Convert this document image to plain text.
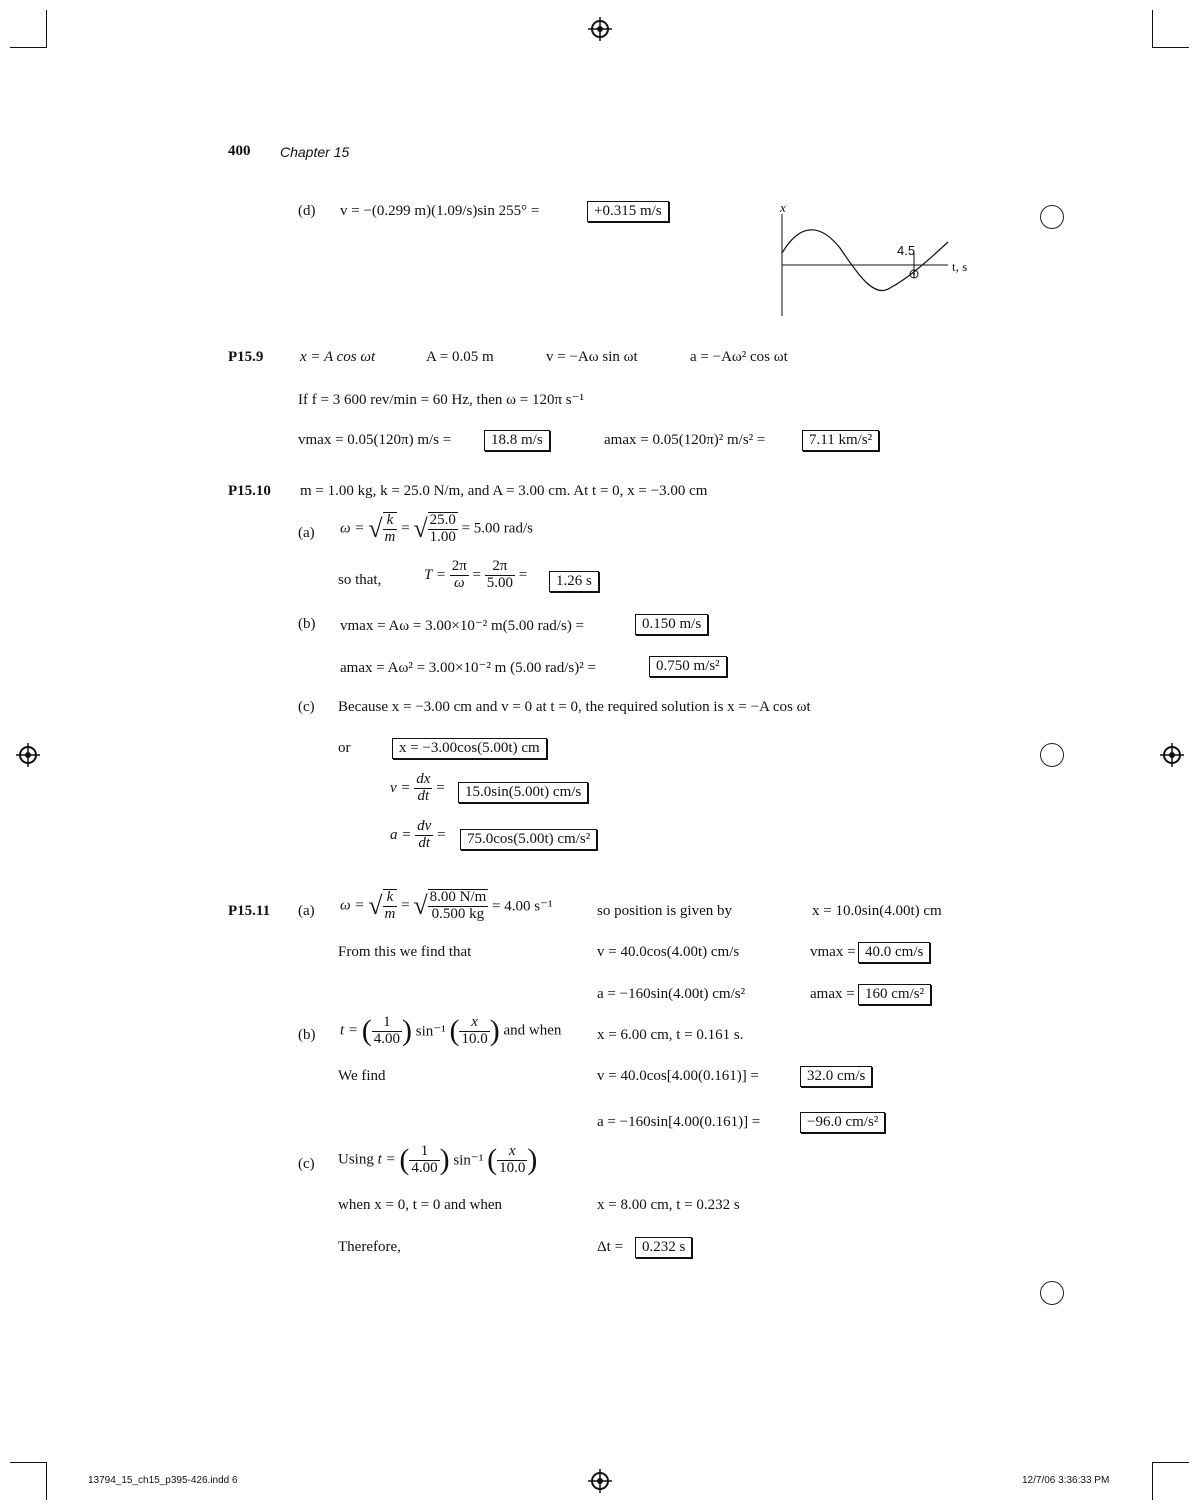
400 Chapter 15
(d) v = −(0.299 m)(1.09/s)sin 255° =	+0.315 m/s	x
4.5
t, s
P15.9 x = A cos ωt	A = 0.05 m	v = −Aω sin ωt	a = −Aω² cos ωt
If f = 3 600 rev/min = 60 Hz, then ω = 120π s⁻¹
vmax = 0.05(120π) m/s =	18.8 m/s	amax = 0.05(120π)² m/s² =	7.11 km/s²
P15.10 m = 1.00 kg, k = 25.0 N/m, and A = 3.00 cm. At t = 0, x = −3.00 cm
(a) ω = √ $\frac{k}{m}$ = √ $\frac{25.0}{1.00} = 5.00$ rad/s
so that,	$T = \frac{2\pi}{\omega} = \frac{2\pi}{5.00}$ =	1.26 s
(b) vmax = Aω = 3.00×10⁻² m(5.00 rad/s) =	0.150 m/s
amax = Aω² = 3.00×10⁻² m (5.00 rad/s)² =	0.750 m/s²
(c) Because x = −3.00 cm and v = 0 at t = 0, the required solution is x = −A cos ωt
or	x = −3.00cos(5.00t) cm
$v = \frac{dx}{dt}$ =	15.0sin(5.00t) cm/s
$a = \frac{dv}{dt}$ =	75.0cos(5.00t) cm/s²
P15.11 (a) ω = √ $\frac{k}{m}$ = √ $\frac{8.00 N/m}{0.500 kg} = 4.00$ s⁻¹	so position is given by	x = 10.0sin(4.00t) cm
From this we find that	v = 40.0cos(4.00t) cm/s	vmax = 40.0 cm/s
a = −160sin(4.00t) cm/s²	amax = 160 cm/s²
(b) t = ( $\frac{1}{4.00}$ ) sin⁻¹ ( $\frac{x}{10.0}$ ) and when x = 6.00 cm, t = 0.161 s.
We find	v = 40.0cos[4.00(0.161)] =	32.0 cm/s
a = −160sin[4.00(0.161)] =	−96.0 cm/s²
(c) Using t = ( $\frac{1}{4.00}$ ) sin⁻¹ ( $\frac{x}{10.0}$ )
when x = 0, t = 0 and when	x = 8.00 cm, t = 0.232 s
Therefore,	Δt =	0.232 s
13794_15_ch15_p395-426.indd 6	12/7/06 3:36:33 PM
